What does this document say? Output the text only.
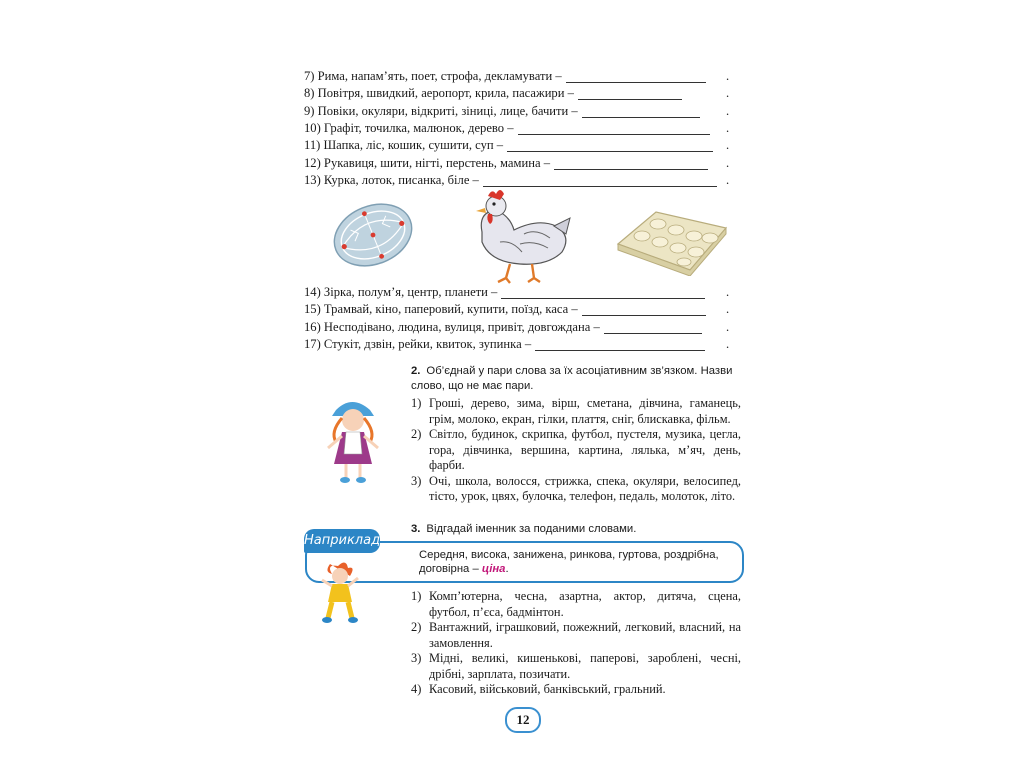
7) Рима, напам’ять, поет, строфа, декламувати –	.
8) Повітря, швидкий, аеропорт, крила, пасажири –	.
9) Повіки, окуляри, відкриті, зіниці, лице, бачити –	.
10) Графіт, точилка, малюнок, дерево –	.
11) Шапка, ліс, кошик, сушити, суп –	.
12) Рукавиця, шити, нігті, перстень, мамина –	.
13) Курка, лоток, писанка, біле –	.
14) Зірка, полум’я, центр, планети –	.
15) Трамвай, кіно, паперовий, купити, поїзд, каса –	.
16) Несподівано, людина, вулиця, привіт, довгождана –	.
17) Стукіт, дзвін, рейки, квиток, зупинка –	.
2. Об’єднай у пари слова за їх асоціативним зв’язком. Назви слово, що не має пари.
1) Гроші, дерево, зима, вірш, сметана, дівчина, гаманець, грім, молоко, екран, гілки, плаття, сніг, блискавка, фільм.
2) Світло, будинок, скрипка, футбол, пустеля, музика, цегла, гора, дівчинка, вершина, картина, лялька, м’яч, день, фарби.
3) Очі, школа, волосся, стрижка, спека, окуляри, велосипед, тісто, урок, цвях, булочка, телефон, педаль, молоток, літо.
3. Відгадай іменник за поданими словами.
Наприклад
Середня, висока, занижена, ринкова, гуртова, роздрібна, договірна – ціна.
1) Комп’ютерна, чесна, азартна, актор, дитяча, сцена, футбол, п’єса, бадмінтон.
2) Вантажний, іграшковий, пожежний, легковий, власний, на замовлення.
3) Мідні, великі, кишенькові, паперові, зароблені, чесні, дрібні, зарплата, позичати.
4) Касовий, військовий, банківський, гральний.
12
